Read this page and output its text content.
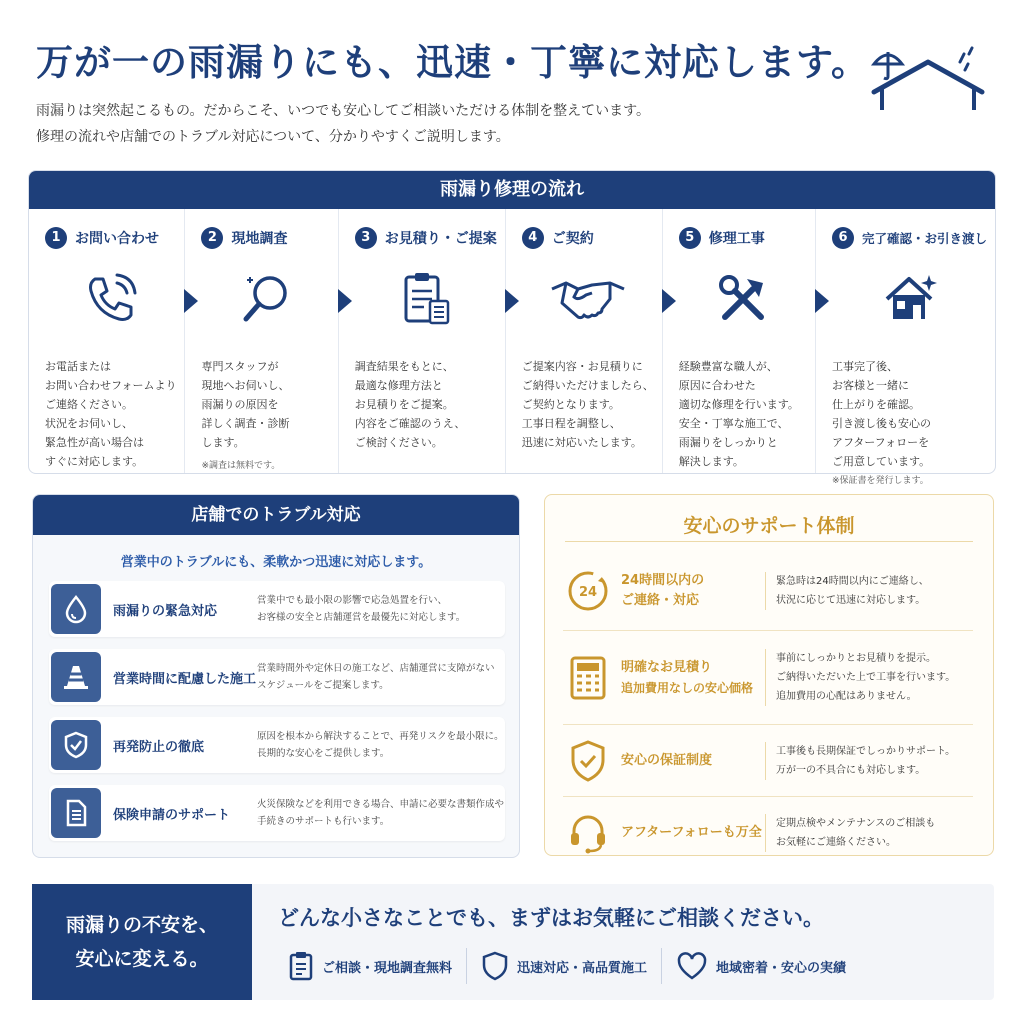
万が一の雨漏りにも、迅速・丁寧に対応します。
雨漏りは突然起こるもの。だからこそ、いつでも安心してご相談いただける体制を整えています。
修理の流れや店舗でのトラブル対応について、分かりやすくご説明します。
雨漏り修理の流れ
1	お問い合わせ
お電話または
お問い合わせフォームより
ご連絡ください。
状況をお伺いし、
緊急性が高い場合は
すぐに対応します。
2	現地調査
専門スタッフが
現地へお伺いし、
雨漏りの原因を
詳しく調査・診断
します。
※調査は無料です。
3	お見積り・ご提案
調査結果をもとに、
最適な修理方法と
お見積りをご提案。
内容をご確認のうえ、
ご検討ください。
4	ご契約
ご提案内容・お見積りに
ご納得いただけましたら、
ご契約となります。
工事日程を調整し、
迅速に対応いたします。
5	修理工事
経験豊富な職人が、
原因に合わせた
適切な修理を行います。
安全・丁寧な施工で、
雨漏りをしっかりと
解決します。
6	完了確認・お引き渡し
工事完了後、
お客様と一緒に
仕上がりを確認。
引き渡し後も安心の
アフターフォローを
ご用意しています。
※保証書を発行します。
店舗でのトラブル対応
営業中のトラブルにも、柔軟かつ迅速に対応します。
雨漏りの緊急対応
営業中でも最小限の影響で応急処置を行い、
お客様の安全と店舗運営を最優先に対応します。
営業時間に配慮した施工
営業時間外や定休日の施工など、店舗運営に支障がない
スケジュールをご提案します。
再発防止の徹底
原因を根本から解決することで、再発リスクを最小限に。
長期的な安心をご提供します。
保険申請のサポート
火災保険などを利用できる場合、申請に必要な書類作成や
手続きのサポートも行います。
安心のサポート体制
24
24時間以内の
ご連絡・対応
緊急時は24時間以内にご連絡し、
状況に応じて迅速に対応します。
明確なお見積り
追加費用なしの安心価格
事前にしっかりとお見積りを提示。
ご納得いただいた上で工事を行います。
追加費用の心配はありません。
安心の保証制度
工事後も長期保証でしっかりサポート。
万が一の不具合にも対応します。
アフターフォローも万全
定期点検やメンテナンスのご相談も
お気軽にご連絡ください。
雨漏りの不安を、
安心に変える。
どんな小さなことでも、まずはお気軽にご相談ください。
ご相談・現地調査無料	迅速対応・高品質施工	地域密着・安心の実績
